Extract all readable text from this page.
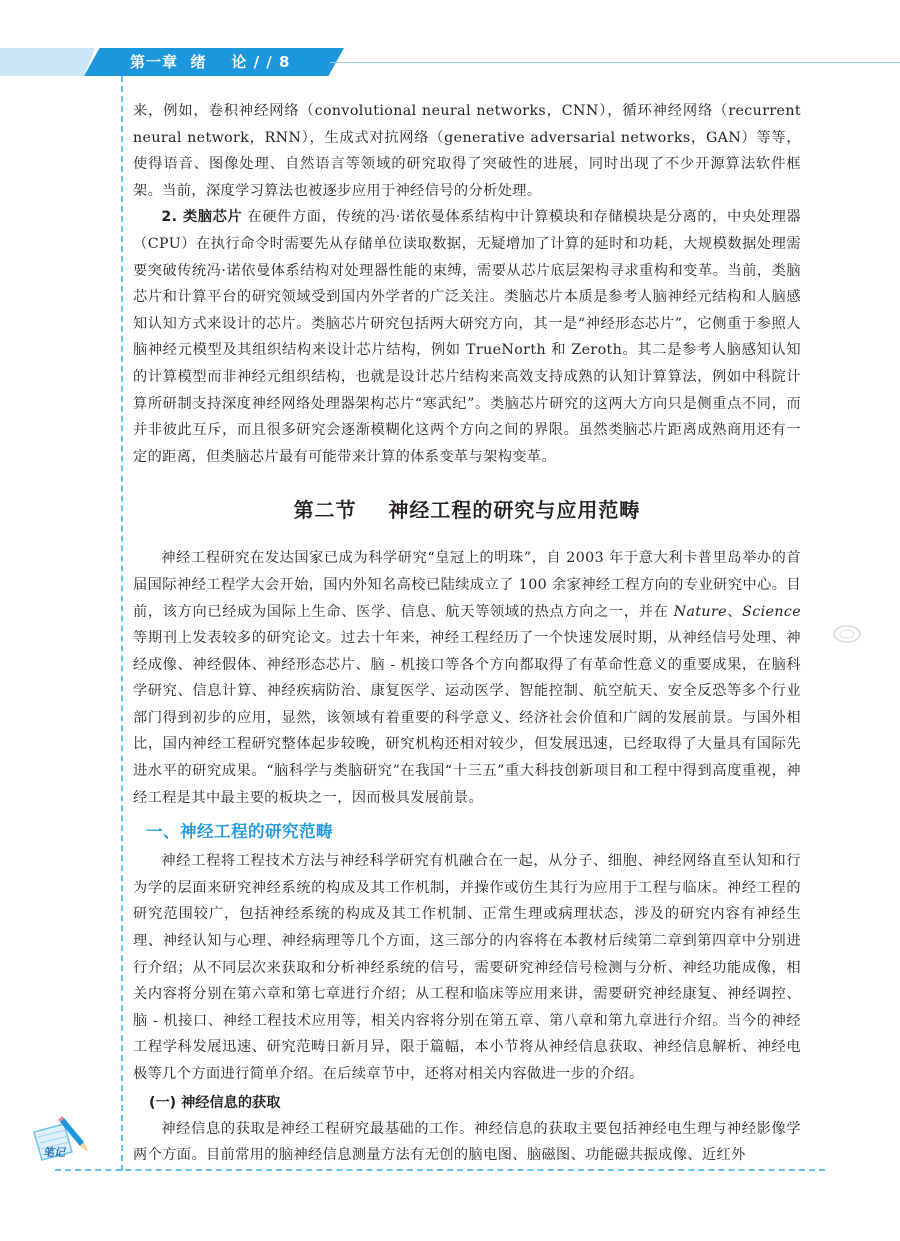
第一章  绪    论 / / 8
笔记

来，例如，卷积神经网络（convolutional neural networks，CNN），循环神经网络（recurrent neural network，RNN），生成式对抗网络（generative adversarial networks，GAN）等等，使得语音、图像处理、自然语言等领域的研究取得了突破性的进展，同时出现了不少开源算法软件框架。当前，深度学习算法也被逐步应用于神经信号的分析处理。

2. 类脑芯片 在硬件方面，传统的冯·诺依曼体系结构中计算模块和存储模块是分离的，中央处理器（CPU）在执行命令时需要先从存储单位读取数据，无疑增加了计算的延时和功耗，大规模数据处理需要突破传统冯·诺依曼体系结构对处理器性能的束缚，需要从芯片底层架构寻求重构和变革。当前，类脑芯片和计算平台的研究领域受到国内外学者的广泛关注。类脑芯片本质是参考人脑神经元结构和人脑感知认知方式来设计的芯片。类脑芯片研究包括两大研究方向，其一是“神经形态芯片”，它侧重于参照人脑神经元模型及其组织结构来设计芯片结构，例如 TrueNorth 和 Zeroth。其二是参考人脑感知认知的计算模型而非神经元组织结构，也就是设计芯片结构来高效支持成熟的认知计算算法，例如中科院计算所研制支持深度神经网络处理器架构芯片“寒武纪”。类脑芯片研究的这两大方向只是侧重点不同，而并非彼此互斥，而且很多研究会逐渐模糊化这两个方向之间的界限。虽然类脑芯片距离成熟商用还有一定的距离，但类脑芯片最有可能带来计算的体系变革与架构变革。

第二节    神经工程的研究与应用范畴

神经工程研究在发达国家已成为科学研究“皇冠上的明珠”，自 2003 年于意大利卡普里岛举办的首届国际神经工程学大会开始，国内外知名高校已陆续成立了 100 余家神经工程方向的专业研究中心。目前，该方向已经成为国际上生命、医学、信息、航天等领域的热点方向之一，并在 Nature、Science 等期刊上发表较多的研究论文。过去十年来，神经工程经历了一个快速发展时期，从神经信号处理、神经成像、神经假体、神经形态芯片、脑 - 机接口等各个方向都取得了有革命性意义的重要成果，在脑科学研究、信息计算、神经疾病防治、康复医学、运动医学、智能控制、航空航天、安全反恐等多个行业部门得到初步的应用，显然，该领域有着重要的科学意义、经济社会价值和广阔的发展前景。与国外相比，国内神经工程研究整体起步较晚，研究机构还相对较少，但发展迅速，已经取得了大量具有国际先进水平的研究成果。“脑科学与类脑研究”在我国“十三五”重大科技创新项目和工程中得到高度重视，神经工程是其中最主要的板块之一，因而极具发展前景。

一、神经工程的研究范畴

神经工程将工程技术方法与神经科学研究有机融合在一起，从分子、细胞、神经网络直至认知和行为学的层面来研究神经系统的构成及其工作机制，并操作或仿生其行为应用于工程与临床。神经工程的研究范围较广，包括神经系统的构成及其工作机制、正常生理或病理状态，涉及的研究内容有神经生理、神经认知与心理、神经病理等几个方面，这三部分的内容将在本教材后续第二章到第四章中分别进行介绍；从不同层次来获取和分析神经系统的信号，需要研究神经信号检测与分析、神经功能成像，相关内容将分别在第六章和第七章进行介绍；从工程和临床等应用来讲，需要研究神经康复、神经调控、脑 - 机接口、神经工程技术应用等，相关内容将分别在第五章、第八章和第九章进行介绍。当今的神经工程学科发展迅速、研究范畴日新月异，限于篇幅，本小节将从神经信息获取、神经信息解析、神经电极等几个方面进行简单介绍。在后续章节中，还将对相关内容做进一步的介绍。

(一) 神经信息的获取

神经信息的获取是神经工程研究最基础的工作。神经信息的获取主要包括神经电生理与神经影像学两个方面。目前常用的脑神经信息测量方法有无创的脑电图、脑磁图、功能磁共振成像、近红外
